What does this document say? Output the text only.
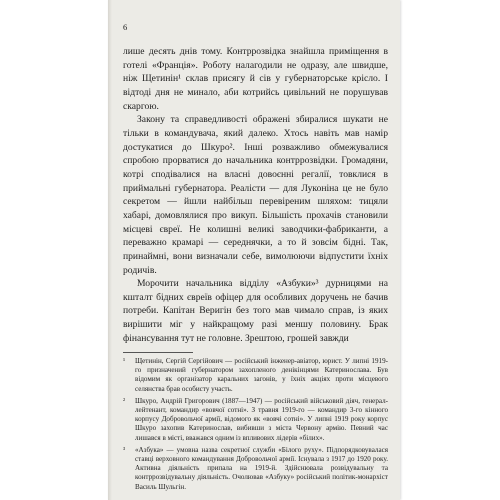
6

лише десять днів тому. Контррозвідка знайшла приміщення в готелі «Франція». Роботу налагодили не одразу, але швидше, ніж Щетинін¹ склав присягу й сів у губернаторське крісло. І відтоді дня не минало, аби котрийсь цивільний не порушував скаргою.

Закону та справедливості ображені збиралися шукати не тільки в командувача, який далеко. Хтось навіть мав намір достукатися до Шкуро². Інші розважливо обмежувалися спробою прорватися до начальника контррозвідки. Громадяни, котрі сподівалися на власні довоєнні регалії, товклися в приймальні губернатора. Реалісти — для Луконіна це не було секретом — йшли найбільш перевіреним шляхом: тицяли хабарі, домовлялися про викуп. Більшість прохачів становили місцеві євреї. Не колишні великі заводчики-фабриканти, а переважно крамарі — середнячки, а то й зовсім бідні. Так, принаймні, вони визначали себе, вимолюючи відпустити їхніх родичів.

Морочити начальника відділу «Азбуки»³ дурницями на кшталт бідних євреїв офіцер для особливих доручень не бачив потреби. Капітан Веригін без того мав чимало справ, із яких вирішити міг у найкращому разі меншу половину. Брак фінансування тут не головне. Зрештою, грошей завжди

¹ Щетинін, Сергій Сергійович — російський інженер-авіатор, юрист. У липні 1919-го призначений губернатором захопленого денікінцями Катеринослава. Був відомим як організатор каральних загонів, у їхніх акціях проти місцевого селянства брав особисту участь.
² Шкуро, Андрій Григорович (1887—1947) — російський військовий діяч, генерал-лейтенант, командир «вовчої сотні». З травня 1919-го — командир 3-го кінного корпусу Добровольчої армії, відомого як «вовчі сотні». У липні 1919 року корпус Шкуро захопив Катеринослав, вибивши з міста Червону армію. Певний час лишався в місті, вважався одним із впливових лідерів «білих».
³ «Азбука» — умовна назва секретної служби «Білого руху». Підпорядковувалася ставці верховного командування Добровольчої армії. Існувала з 1917 до 1920 року. Активна діяльність припала на 1919-й. Здійснювала розвідувальну та контррозвідувальну діяльність. Очолював «Азбуку» російський політик-монархіст Василь Шульгін.
